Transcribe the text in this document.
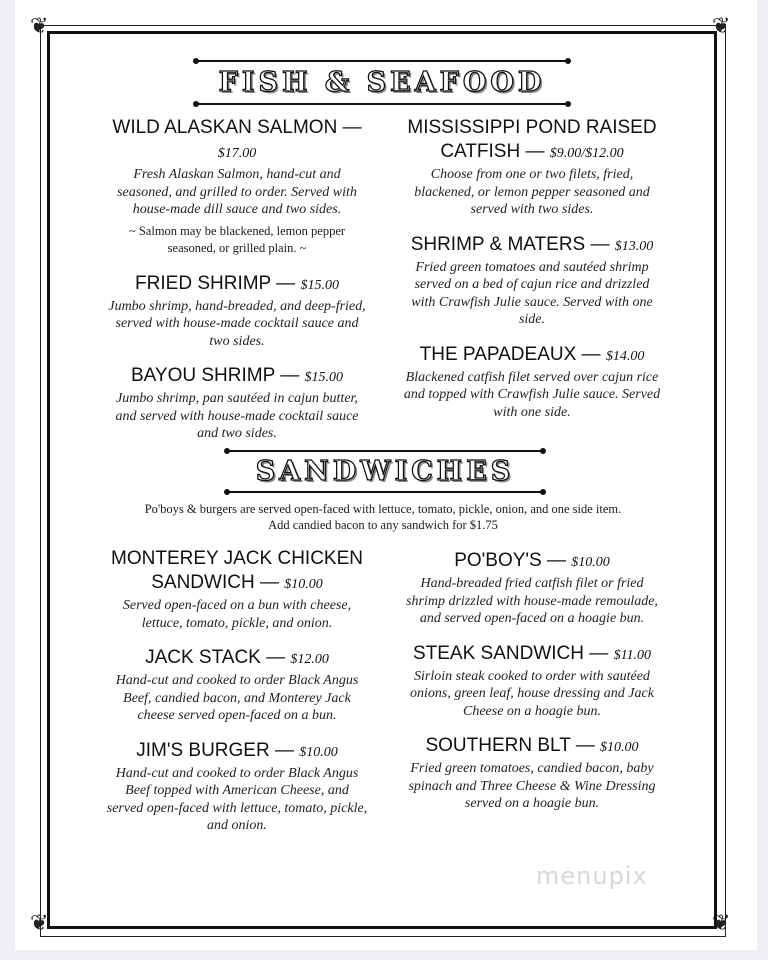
❦	❦
❦	❦
FISH & SEAFOOD
WILD ALASKAN SALMON — $17.00
Fresh Alaskan Salmon, hand-cut and seasoned, and grilled to order. Served with house-made dill sauce and two sides.
~ Salmon may be blackened, lemon pepper seasoned, or grilled plain. ~
FRIED SHRIMP — $15.00
Jumbo shrimp, hand-breaded, and deep-fried, served with house-made cocktail sauce and two sides.
BAYOU SHRIMP — $15.00
Jumbo shrimp, pan sautéed in cajun butter, and served with house-made cocktail sauce and two sides.
MISSISSIPPI POND RAISED CATFISH — $9.00/$12.00
Choose from one or two filets, fried, blackened, or lemon pepper seasoned and served with two sides.
SHRIMP & MATERS — $13.00
Fried green tomatoes and sautéed shrimp served on a bed of cajun rice and drizzled with Crawfish Julie sauce. Served with one side.
THE PAPADEAUX — $14.00
Blackened catfish filet served over cajun rice and topped with Crawfish Julie sauce. Served with one side.
SANDWICHES
Po'boys & burgers are served open-faced with lettuce, tomato, pickle, onion, and one side item.
Add candied bacon to any sandwich for $1.75
MONTEREY JACK CHICKEN SANDWICH — $10.00
Served open-faced on a bun with cheese, lettuce, tomato, pickle, and onion.
JACK STACK — $12.00
Hand-cut and cooked to order Black Angus Beef, candied bacon, and Monterey Jack cheese served open-faced on a bun.
JIM'S BURGER — $10.00
Hand-cut and cooked to order Black Angus Beef topped with American Cheese, and served open-faced with lettuce, tomato, pickle, and onion.
PO'BOY'S — $10.00
Hand-breaded fried catfish filet or fried shrimp drizzled with house-made remoulade, and served open-faced on a hoagie bun.
STEAK SANDWICH — $11.00
Sirloin steak cooked to order with sautéed onions, green leaf, house dressing and Jack Cheese on a hoagie bun.
SOUTHERN BLT — $10.00
Fried green tomatoes, candied bacon, baby spinach and Three Cheese & Wine Dressing served on a hoagie bun.
menupix
